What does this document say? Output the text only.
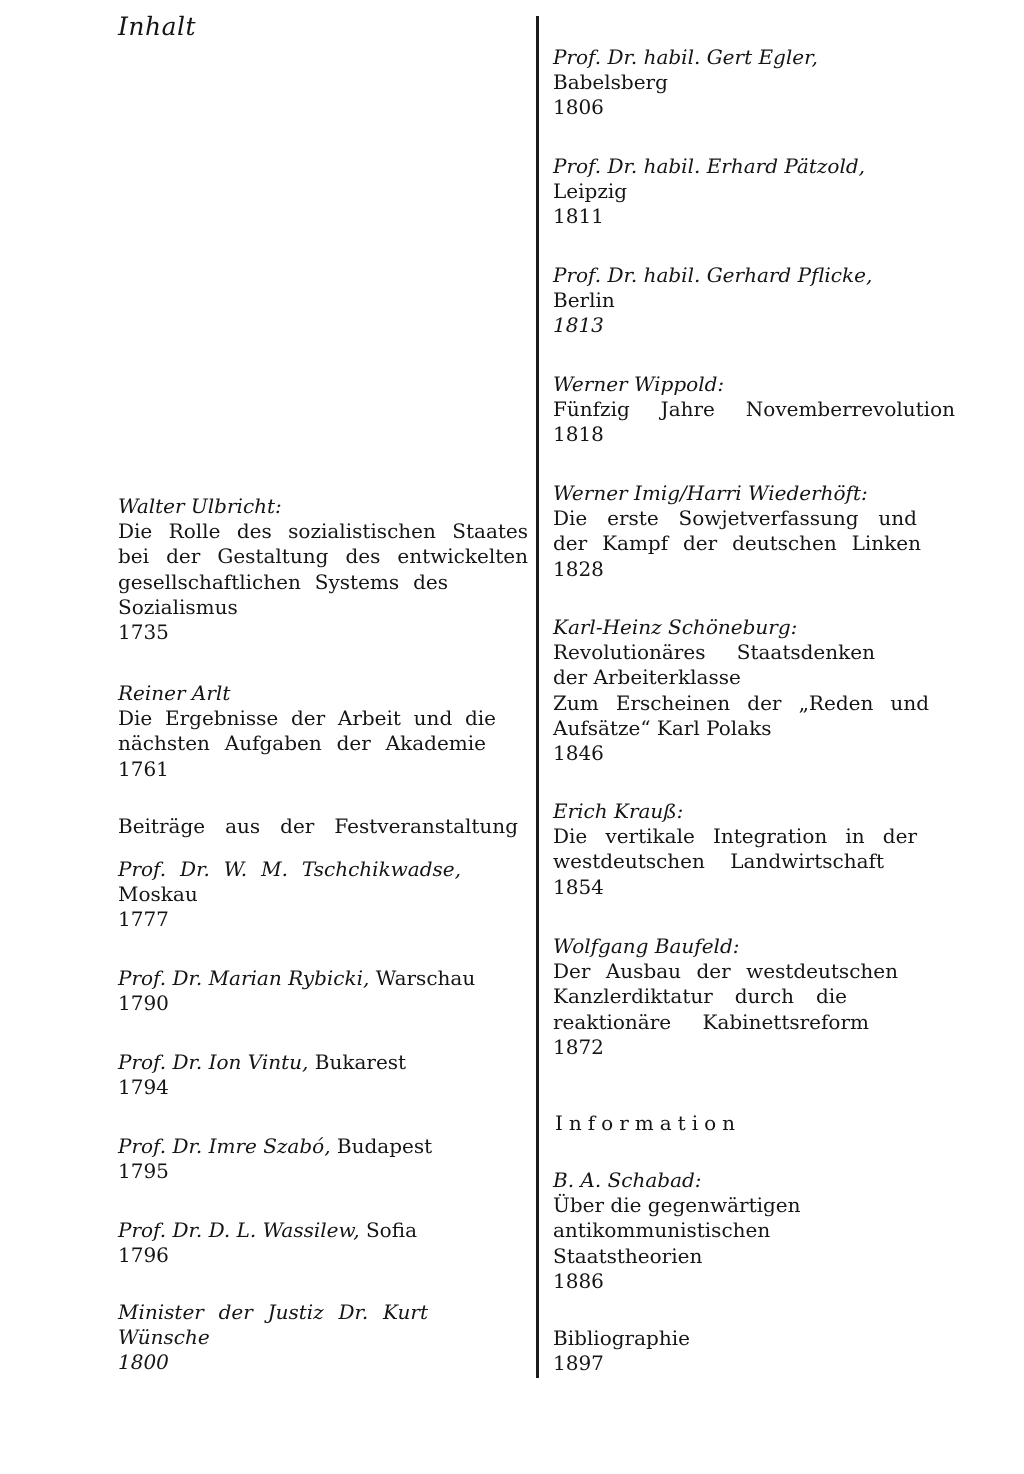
Inhalt
Walter Ulbricht:
Die Rolle des sozialistischen Staates
bei der Gestaltung des entwickelten
gesellschaftlichen Systems des
Sozialismus
1735
Reiner Arlt
Die Ergebnisse der Arbeit und die
nächsten Aufgaben der Akademie
1761
Beiträge aus der Festveranstaltung
Prof. Dr. W. M. Tschchikwadse,
Moskau
1777
Prof. Dr. Marian Rybicki, Warschau
1790
Prof. Dr. Ion Vintu, Bukarest
1794
Prof. Dr. Imre Szabó, Budapest
1795
Prof. Dr. D. L. Wassilew, Sofia
1796
Minister der Justiz Dr. Kurt
Wünsche
1800
Prof. Dr. habil. Gert Egler,
Babelsberg
1806
Prof. Dr. habil. Erhard Pätzold,
Leipzig
1811
Prof. Dr. habil. Gerhard Pflicke,
Berlin
1813
Werner Wippold:
Fünfzig Jahre Novemberrevolution
1818
Werner Imig/Harri Wiederhöft:
Die erste Sowjetverfassung und
der Kampf der deutschen Linken
1828
Karl-Heinz Schöneburg:
Revolutionäres Staatsdenken
der Arbeiterklasse
Zum Erscheinen der „Reden und
Aufsätze“ Karl Polaks
1846
Erich Krauß:
Die vertikale Integration in der
westdeutschen Landwirtschaft
1854
Wolfgang Baufeld:
Der Ausbau der westdeutschen
Kanzlerdiktatur durch die
reaktionäre Kabinettsreform
1872
Information
B. A. Schabad:
Über die gegenwärtigen
antikommunistischen
Staatstheorien
1886
Bibliographie
1897
